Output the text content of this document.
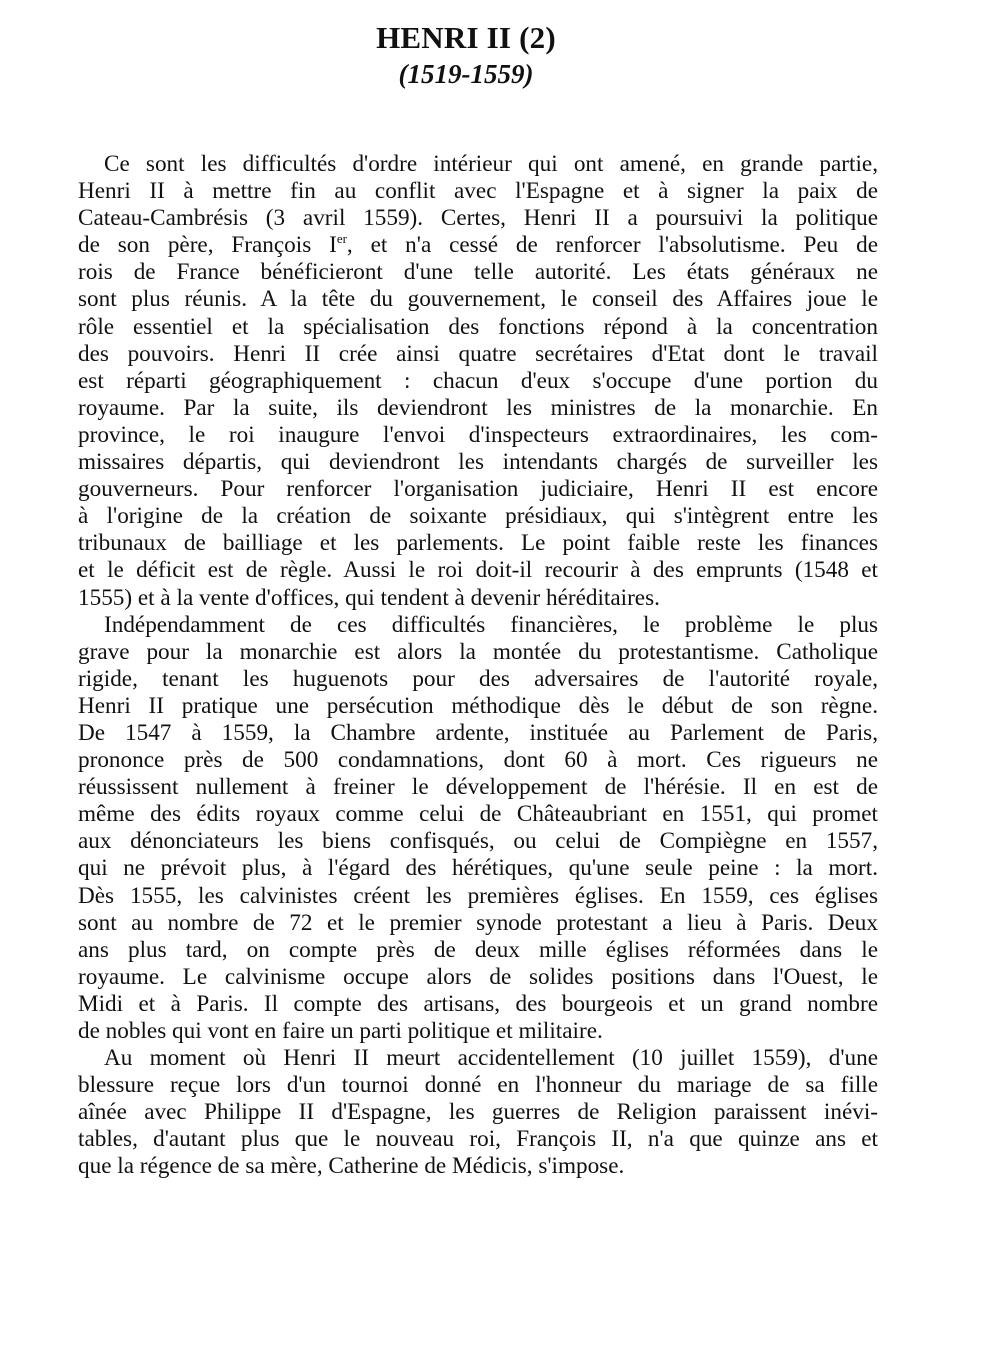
HENRI II (2)
(1519-1559)
Ce sont les difficultés d'ordre intérieur qui ont amené, en grande partie,
Henri II à mettre fin au conflit avec l'Espagne et à signer la paix de
Cateau-Cambrésis (3 avril 1559). Certes, Henri II a poursuivi la politique
de son père, François Ier, et n'a cessé de renforcer l'absolutisme. Peu de
rois de France bénéficieront d'une telle autorité. Les états généraux ne
sont plus réunis. A la tête du gouvernement, le conseil des Affaires joue le
rôle essentiel et la spécialisation des fonctions répond à la concentration
des pouvoirs. Henri II crée ainsi quatre secrétaires d'Etat dont le travail
est réparti géographiquement : chacun d'eux s'occupe d'une portion du
royaume. Par la suite, ils deviendront les ministres de la monarchie. En
province, le roi inaugure l'envoi d'inspecteurs extraordinaires, les com-
missaires départis, qui deviendront les intendants chargés de surveiller les
gouverneurs. Pour renforcer l'organisation judiciaire, Henri II est encore
à l'origine de la création de soixante présidiaux, qui s'intègrent entre les
tribunaux de bailliage et les parlements. Le point faible reste les finances
et le déficit est de règle. Aussi le roi doit-il recourir à des emprunts (1548 et
1555) et à la vente d'offices, qui tendent à devenir héréditaires.
Indépendamment de ces difficultés financières, le problème le plus
grave pour la monarchie est alors la montée du protestantisme. Catholique
rigide, tenant les huguenots pour des adversaires de l'autorité royale,
Henri II pratique une persécution méthodique dès le début de son règne.
De 1547 à 1559, la Chambre ardente, instituée au Parlement de Paris,
prononce près de 500 condamnations, dont 60 à mort. Ces rigueurs ne
réussissent nullement à freiner le développement de l'hérésie. Il en est de
même des édits royaux comme celui de Châteaubriant en 1551, qui promet
aux dénonciateurs les biens confisqués, ou celui de Compiègne en 1557,
qui ne prévoit plus, à l'égard des hérétiques, qu'une seule peine : la mort.
Dès 1555, les calvinistes créent les premières églises. En 1559, ces églises
sont au nombre de 72 et le premier synode protestant a lieu à Paris. Deux
ans plus tard, on compte près de deux mille églises réformées dans le
royaume. Le calvinisme occupe alors de solides positions dans l'Ouest, le
Midi et à Paris. Il compte des artisans, des bourgeois et un grand nombre
de nobles qui vont en faire un parti politique et militaire.
Au moment où Henri II meurt accidentellement (10 juillet 1559), d'une
blessure reçue lors d'un tournoi donné en l'honneur du mariage de sa fille
aînée avec Philippe II d'Espagne, les guerres de Religion paraissent inévi-
tables, d'autant plus que le nouveau roi, François II, n'a que quinze ans et
que la régence de sa mère, Catherine de Médicis, s'impose.
